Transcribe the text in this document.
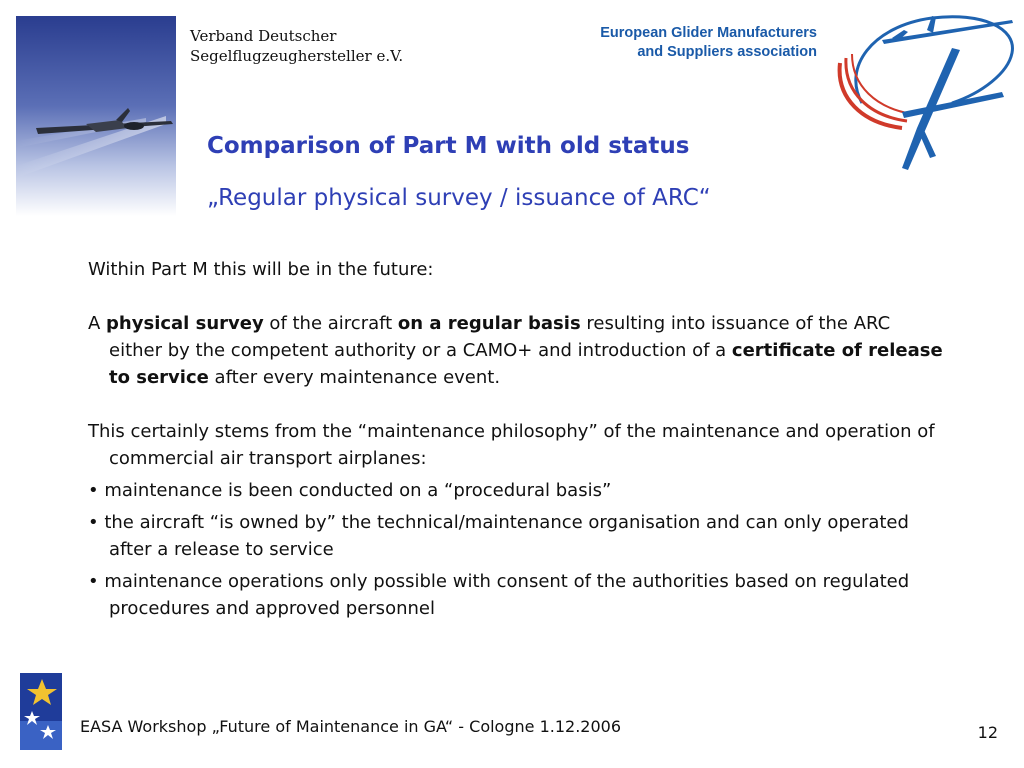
Verband Deutscher
Segelflugzeughersteller e.V.
European Glider Manufacturers
and Suppliers association
Comparison of Part M with old status
„Regular physical survey / issuance of ARC“

Within Part M this will be in the future:

A physical survey of the aircraft on a regular basis resulting into issuance of the ARC either by the competent authority or a CAMO+ and introduction of a certificate of release to service after every maintenance event.

This certainly stems from the “maintenance philosophy” of the maintenance and operation of commercial air transport airplanes:

• maintenance is been conducted on a “procedural basis”

• the aircraft “is owned by” the technical/maintenance organisation and can only operated after a release to service

• maintenance operations only possible with consent of the authorities based on regulated procedures and approved personnel

EASA Workshop „Future of Maintenance in GA“ - Cologne 1.12.2006	12
